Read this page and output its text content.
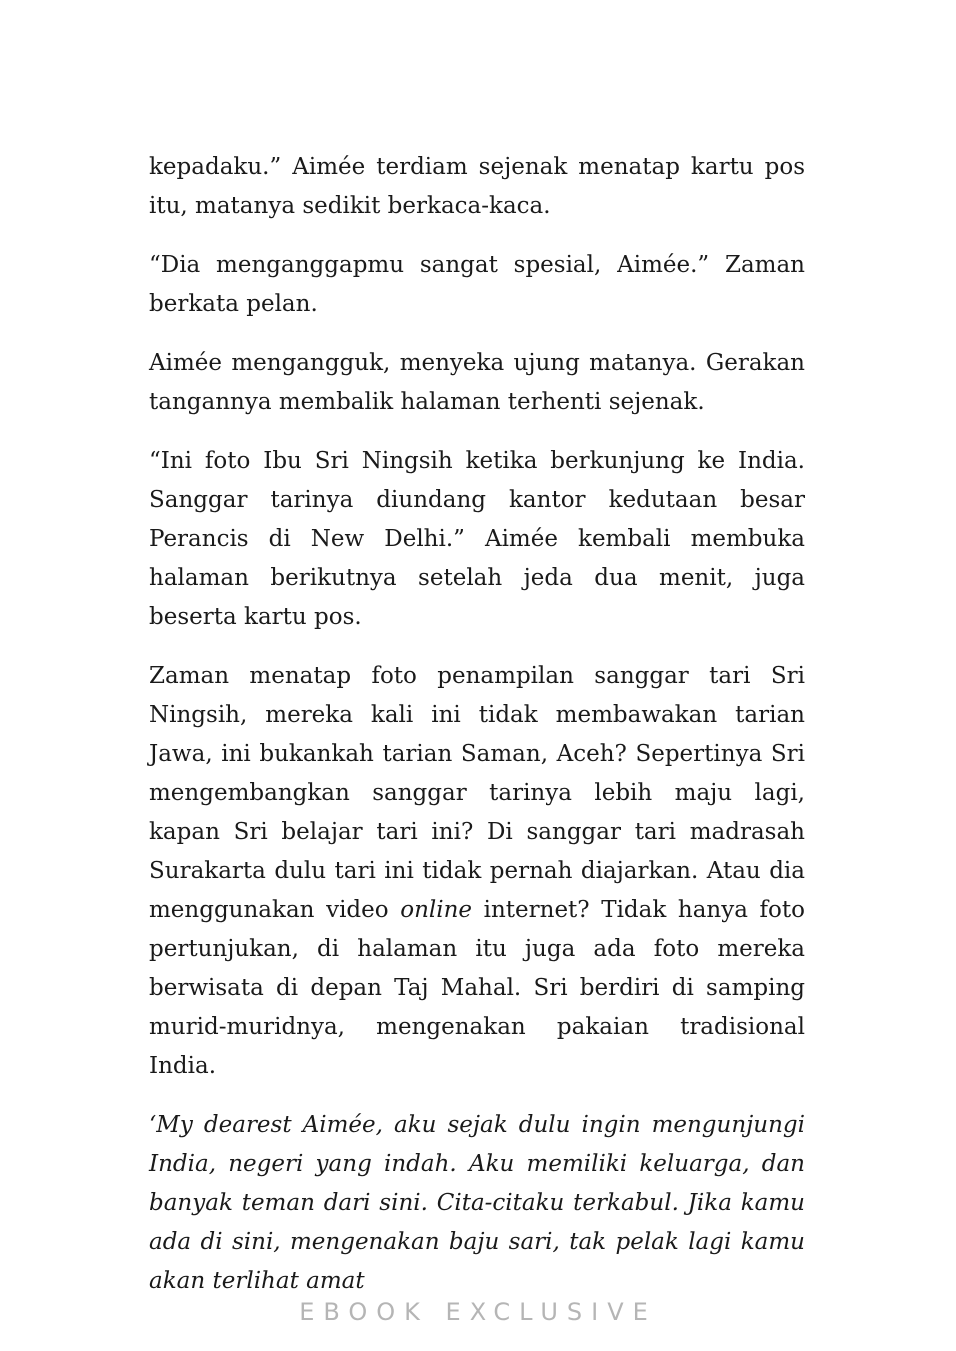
kepadaku.” Aimée terdiam sejenak menatap kartu pos itu, matanya sedikit berkaca-kaca.

“Dia menganggapmu sangat spesial, Aimée.” Zaman berkata pelan.

Aimée mengangguk, menyeka ujung matanya. Gerakan tangannya membalik halaman terhenti sejenak.

“Ini foto Ibu Sri Ningsih ketika berkunjung ke India. Sanggar tarinya diundang kantor kedutaan besar Perancis di New Delhi.” Aimée kembali membuka halaman berikutnya setelah jeda dua menit, juga beserta kartu pos.

Zaman menatap foto penampilan sanggar tari Sri Ningsih, mereka kali ini tidak membawakan tarian Jawa, ini bukankah tarian Saman, Aceh? Sepertinya Sri mengembangkan sanggar tarinya lebih maju lagi, kapan Sri belajar tari ini? Di sanggar tari madrasah Surakarta dulu tari ini tidak pernah diajarkan. Atau dia menggunakan video online internet? Tidak hanya foto pertunjukan, di halaman itu juga ada foto mereka berwisata di depan Taj Mahal. Sri berdiri di samping murid-muridnya, mengenakan pakaian tradisional India.

‘My dearest Aimée, aku sejak dulu ingin mengunjungi India, negeri yang indah. Aku memiliki keluarga, dan banyak teman dari sini. Cita-citaku terkabul. Jika kamu ada di sini, mengenakan baju sari, tak pelak lagi kamu akan terlihat amat

EBOOK EXCLUSIVE
